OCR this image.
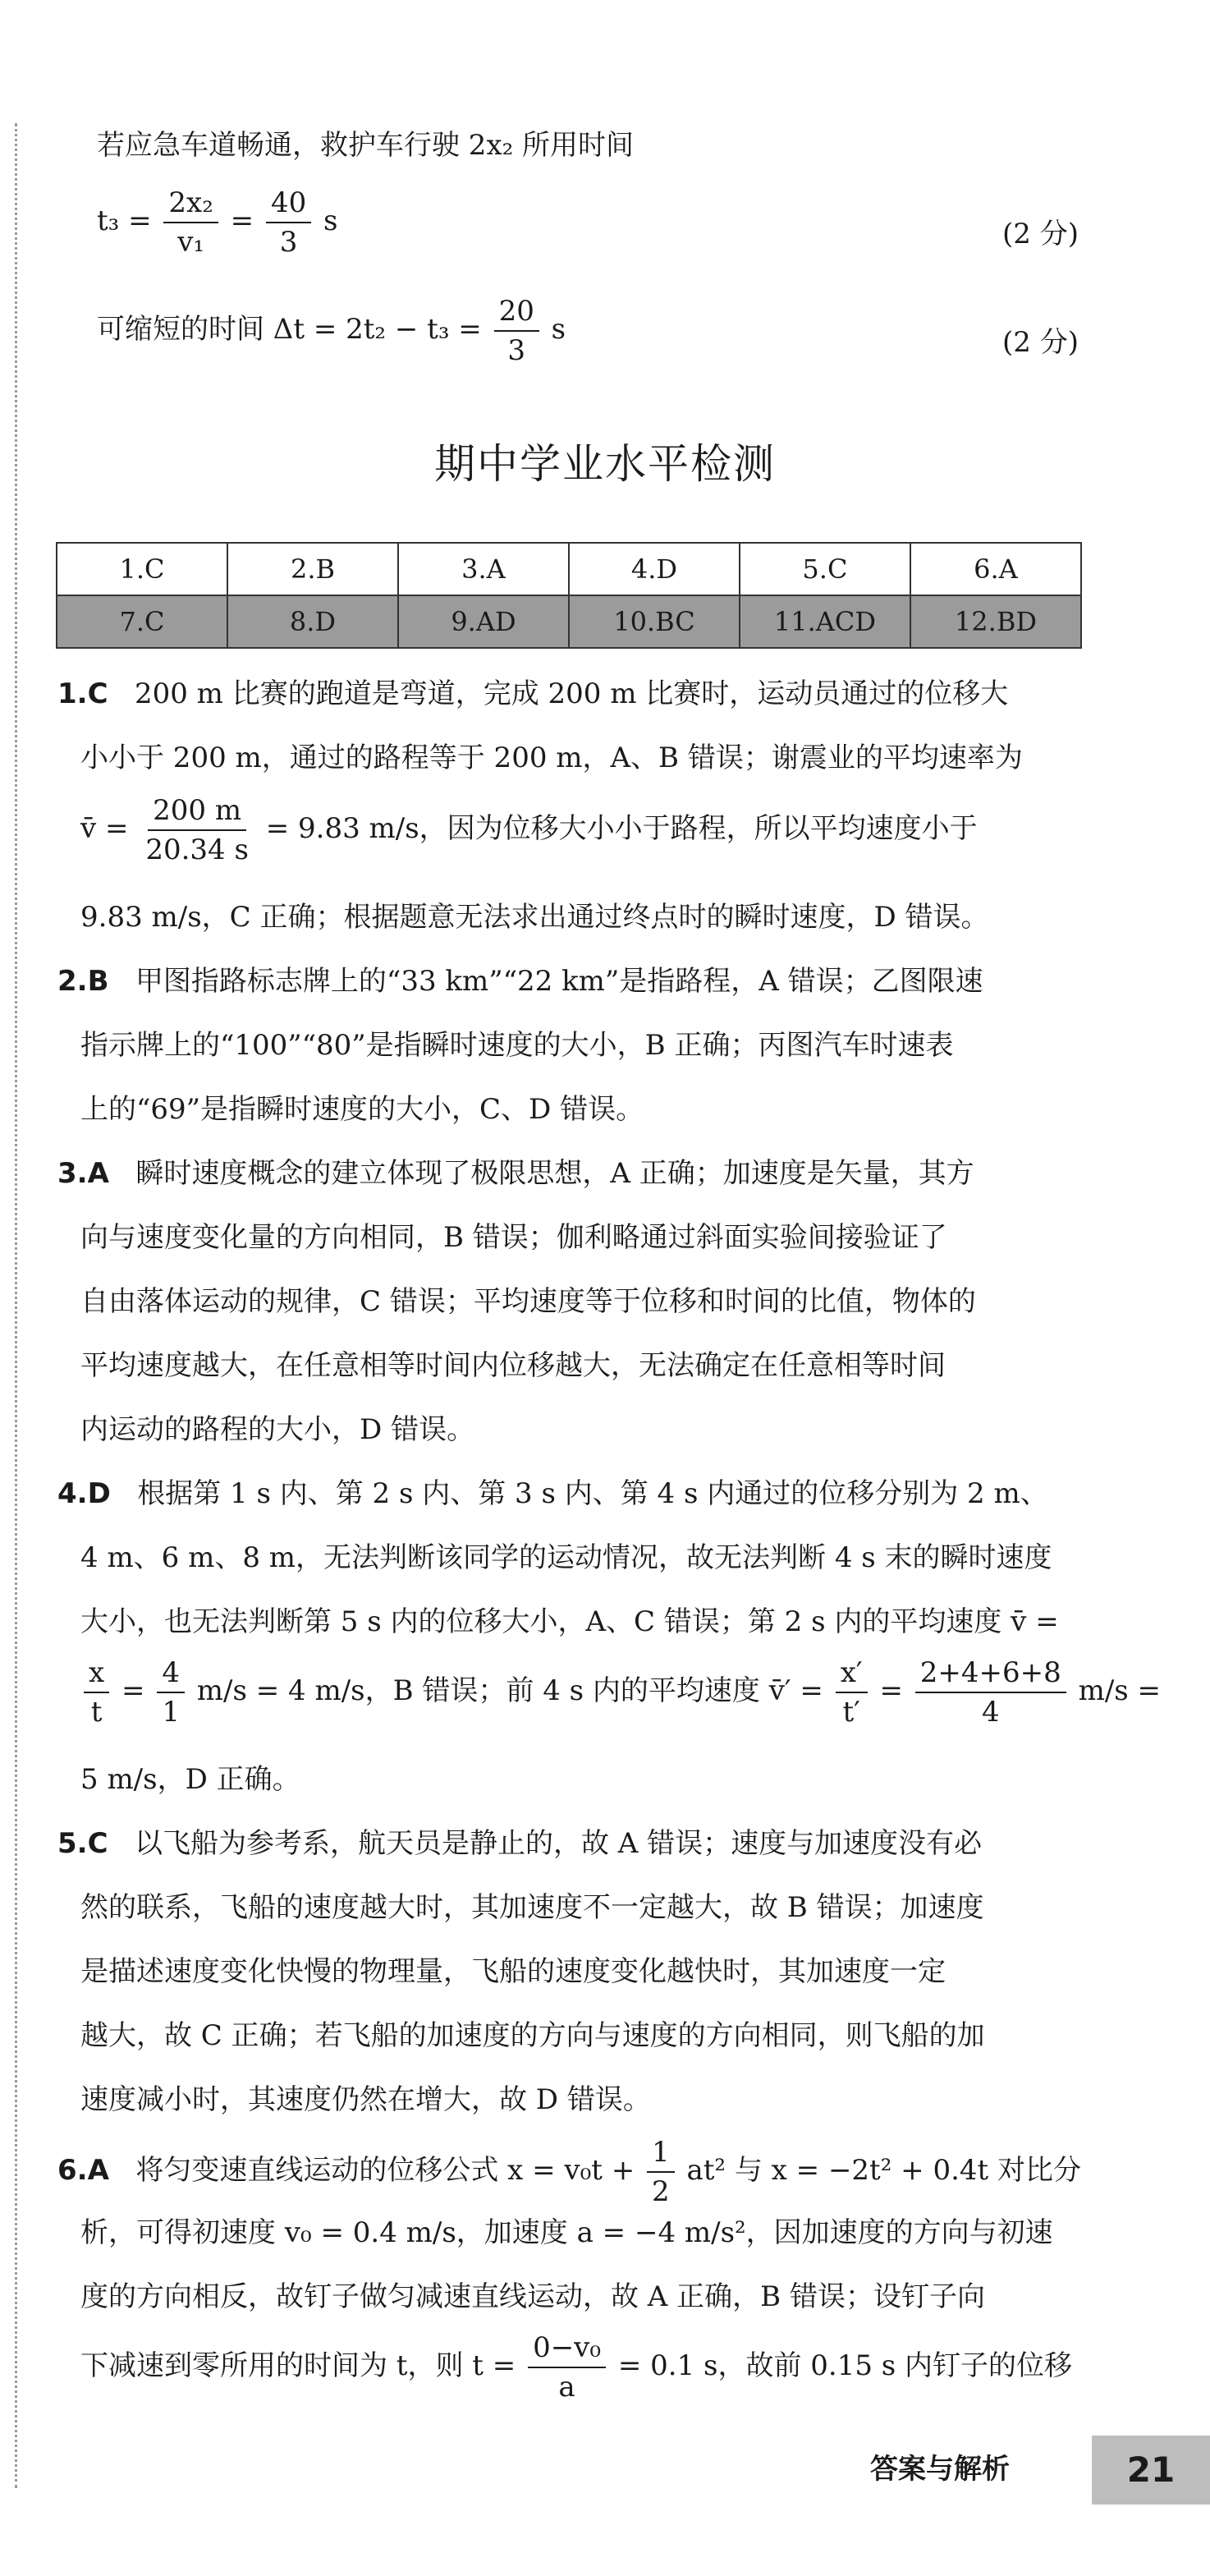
若应急车道畅通，救护车行驶 2x₂ 所用时间
$t_3 = \frac{\text{2x₂}}{\text{v₁}} = \frac{40}{3}$ s	(2 分)
可缩短的时间 $\Delta t = 2t_2 - t_3 = \frac{20}{3}$ s	(2 分)
期中学业水平检测
1.C	2.B	3.A	4.D	5.C	6.A
7.C	8.D	9.AD	10.BC	11.ACD	12.BD
1.C 200 m 比赛的跑道是弯道，完成 200 m 比赛时，运动员通过的位移大
小小于 200 m，通过的路程等于 200 m，A、B 错误；谢震业的平均速率为
v̄ = $\frac{200 m}{20.34 s} = 9.83$ m/s，因为位移大小小于路程，所以平均速度小于
9.83 m/s，C 正确；根据题意无法求出通过终点时的瞬时速度，D 错误。
2.B 甲图指路标志牌上的“33 km”“22 km”是指路程，A 错误；乙图限速
指示牌上的“100”“80”是指瞬时速度的大小，B 正确；丙图汽车时速表
上的“69”是指瞬时速度的大小，C、D 错误。
3.A 瞬时速度概念的建立体现了极限思想，A 正确；加速度是矢量，其方
向与速度变化量的方向相同，B 错误；伽利略通过斜面实验间接验证了
自由落体运动的规律，C 错误；平均速度等于位移和时间的比值，物体的
平均速度越大，在任意相等时间内位移越大，无法确定在任意相等时间
内运动的路程的大小，D 错误。
4.D 根据第 1 s 内、第 2 s 内、第 3 s 内、第 4 s 内通过的位移分别为 2 m、
4 m、6 m、8 m，无法判断该同学的运动情况，故无法判断 4 s 末的瞬时速度
大小，也无法判断第 5 s 内的位移大小，A、C 错误；第 2 s 内的平均速度 v̄ =
$\frac{x}{t} = \frac{4}{1} m/s = 4$ m/s，B 错误；前 4 s 内的平均速度 v̄′ = $\frac{x'}{t'} = \frac{2+4+6+8}{4} m/s$ =
5 m/s，D 正确。
5.C 以飞船为参考系，航天员是静止的，故 A 错误；速度与加速度没有必
然的联系，飞船的速度越大时，其加速度不一定越大，故 B 错误；加速度
是描述速度变化快慢的物理量，飞船的速度变化越快时，其加速度一定
越大，故 C 正确；若飞船的加速度的方向与速度的方向相同，则飞船的加
速度减小时，其速度仍然在增大，故 D 错误。
6.A 将匀变速直线运动的位移公式 $x = v_0t + \frac{1}{2} at^2$ 与 x = −2t² + 0.4t 对比分
析，可得初速度 v₀ = 0.4 m/s，加速度 a = −4 m/s²，因加速度的方向与初速
度的方向相反，故钉子做匀减速直线运动，故 A 正确，B 错误；设钉子向
下减速到零所用的时间为 t，则 $t = \frac{\text{0−v₀}}{a} = 0.1$ s，故前 0.15 s 内钉子的位移
答案与解析	21
